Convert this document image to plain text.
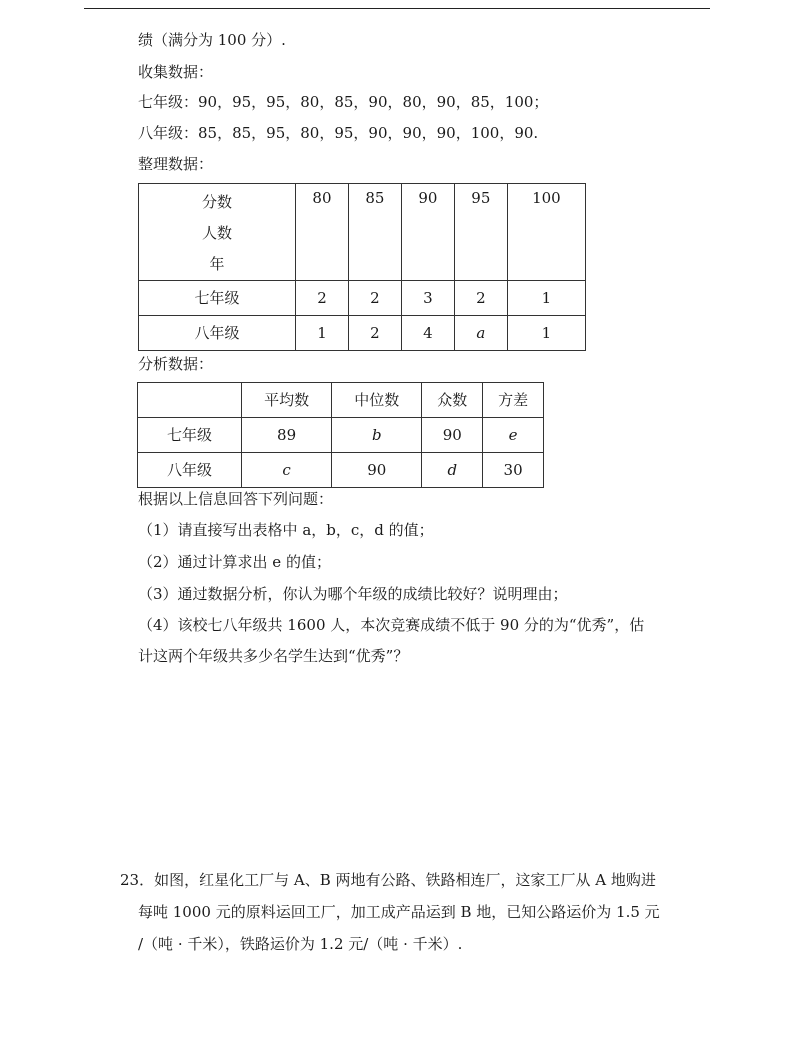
绩（满分为 100 分）.
收集数据：
七年级：90，95，95，80，85，90，80，90，85，100；
八年级：85，85，95，80，95，90，90，90，100，90.
整理数据：
分数
人数
年	80	85	90	95	100
七年级	2	2	3	2	1
八年级	1	2	4	a	1
分析数据：
	平均数	中位数	众数	方差
七年级	89	b	90	e
八年级	c	90	d	30
根据以上信息回答下列问题：
（1）请直接写出表格中 a，b，c，d 的值；
（2）通过计算求出 e 的值；
（3）通过数据分析，你认为哪个年级的成绩比较好？说明理由；
（4）该校七八年级共 1600 人，本次竞赛成绩不低于 90 分的为“优秀”，估
计这两个年级共多少名学生达到“优秀”？
23．如图，红星化工厂与 A、B 两地有公路、铁路相连厂，这家工厂从 A 地购进
每吨 1000 元的原料运回工厂，加工成产品运到 B 地，已知公路运价为 1.5 元
/（吨 · 千米），铁路运价为 1.2 元/（吨 · 千米）.
